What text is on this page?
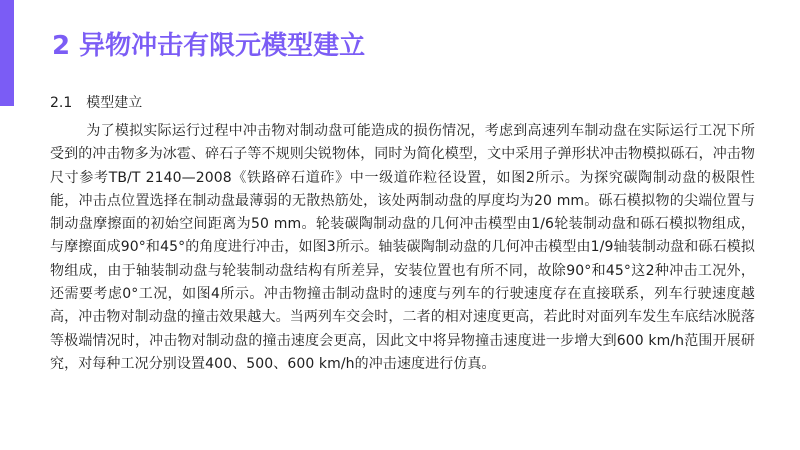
2 异物冲击有限元模型建立
2.1 模型建立

为了模拟实际运行过程中冲击物对制动盘可能造成的损伤情况，考虑到高速列车制动盘在实际运行工况下所受到的冲击物多为冰雹、碎石子等不规则尖锐物体，同时为简化模型，文中采用子弹形状冲击物模拟砾石，冲击物尺寸参考TB/T 2140—2008《铁路碎石道砟》中一级道砟粒径设置，如图2所示。为探究碳陶制动盘的极限性能，冲击点位置选择在制动盘最薄弱的无散热筋处，该处两制动盘的厚度均为20 mm。砾石模拟物的尖端位置与制动盘摩擦面的初始空间距离为50 mm。轮装碳陶制动盘的几何冲击模型由1/6轮装制动盘和砾石模拟物组成，与摩擦面成90°和45°的角度进行冲击，如图3所示。轴装碳陶制动盘的几何冲击模型由1/9轴装制动盘和砾石模拟物组成，由于轴装制动盘与轮装制动盘结构有所差异，安装位置也有所不同，故除90°和45°这2种冲击工况外，还需要考虑0°工况，如图4所示。冲击物撞击制动盘时的速度与列车的行驶速度存在直接联系，列车行驶速度越高，冲击物对制动盘的撞击效果越大。当两列车交会时，二者的相对速度更高，若此时对面列车发生车底结冰脱落等极端情况时，冲击物对制动盘的撞击速度会更高，因此文中将异物撞击速度进一步增大到600 km/h范围开展研究，对每种工况分别设置400、500、600 km/h的冲击速度进行仿真。
